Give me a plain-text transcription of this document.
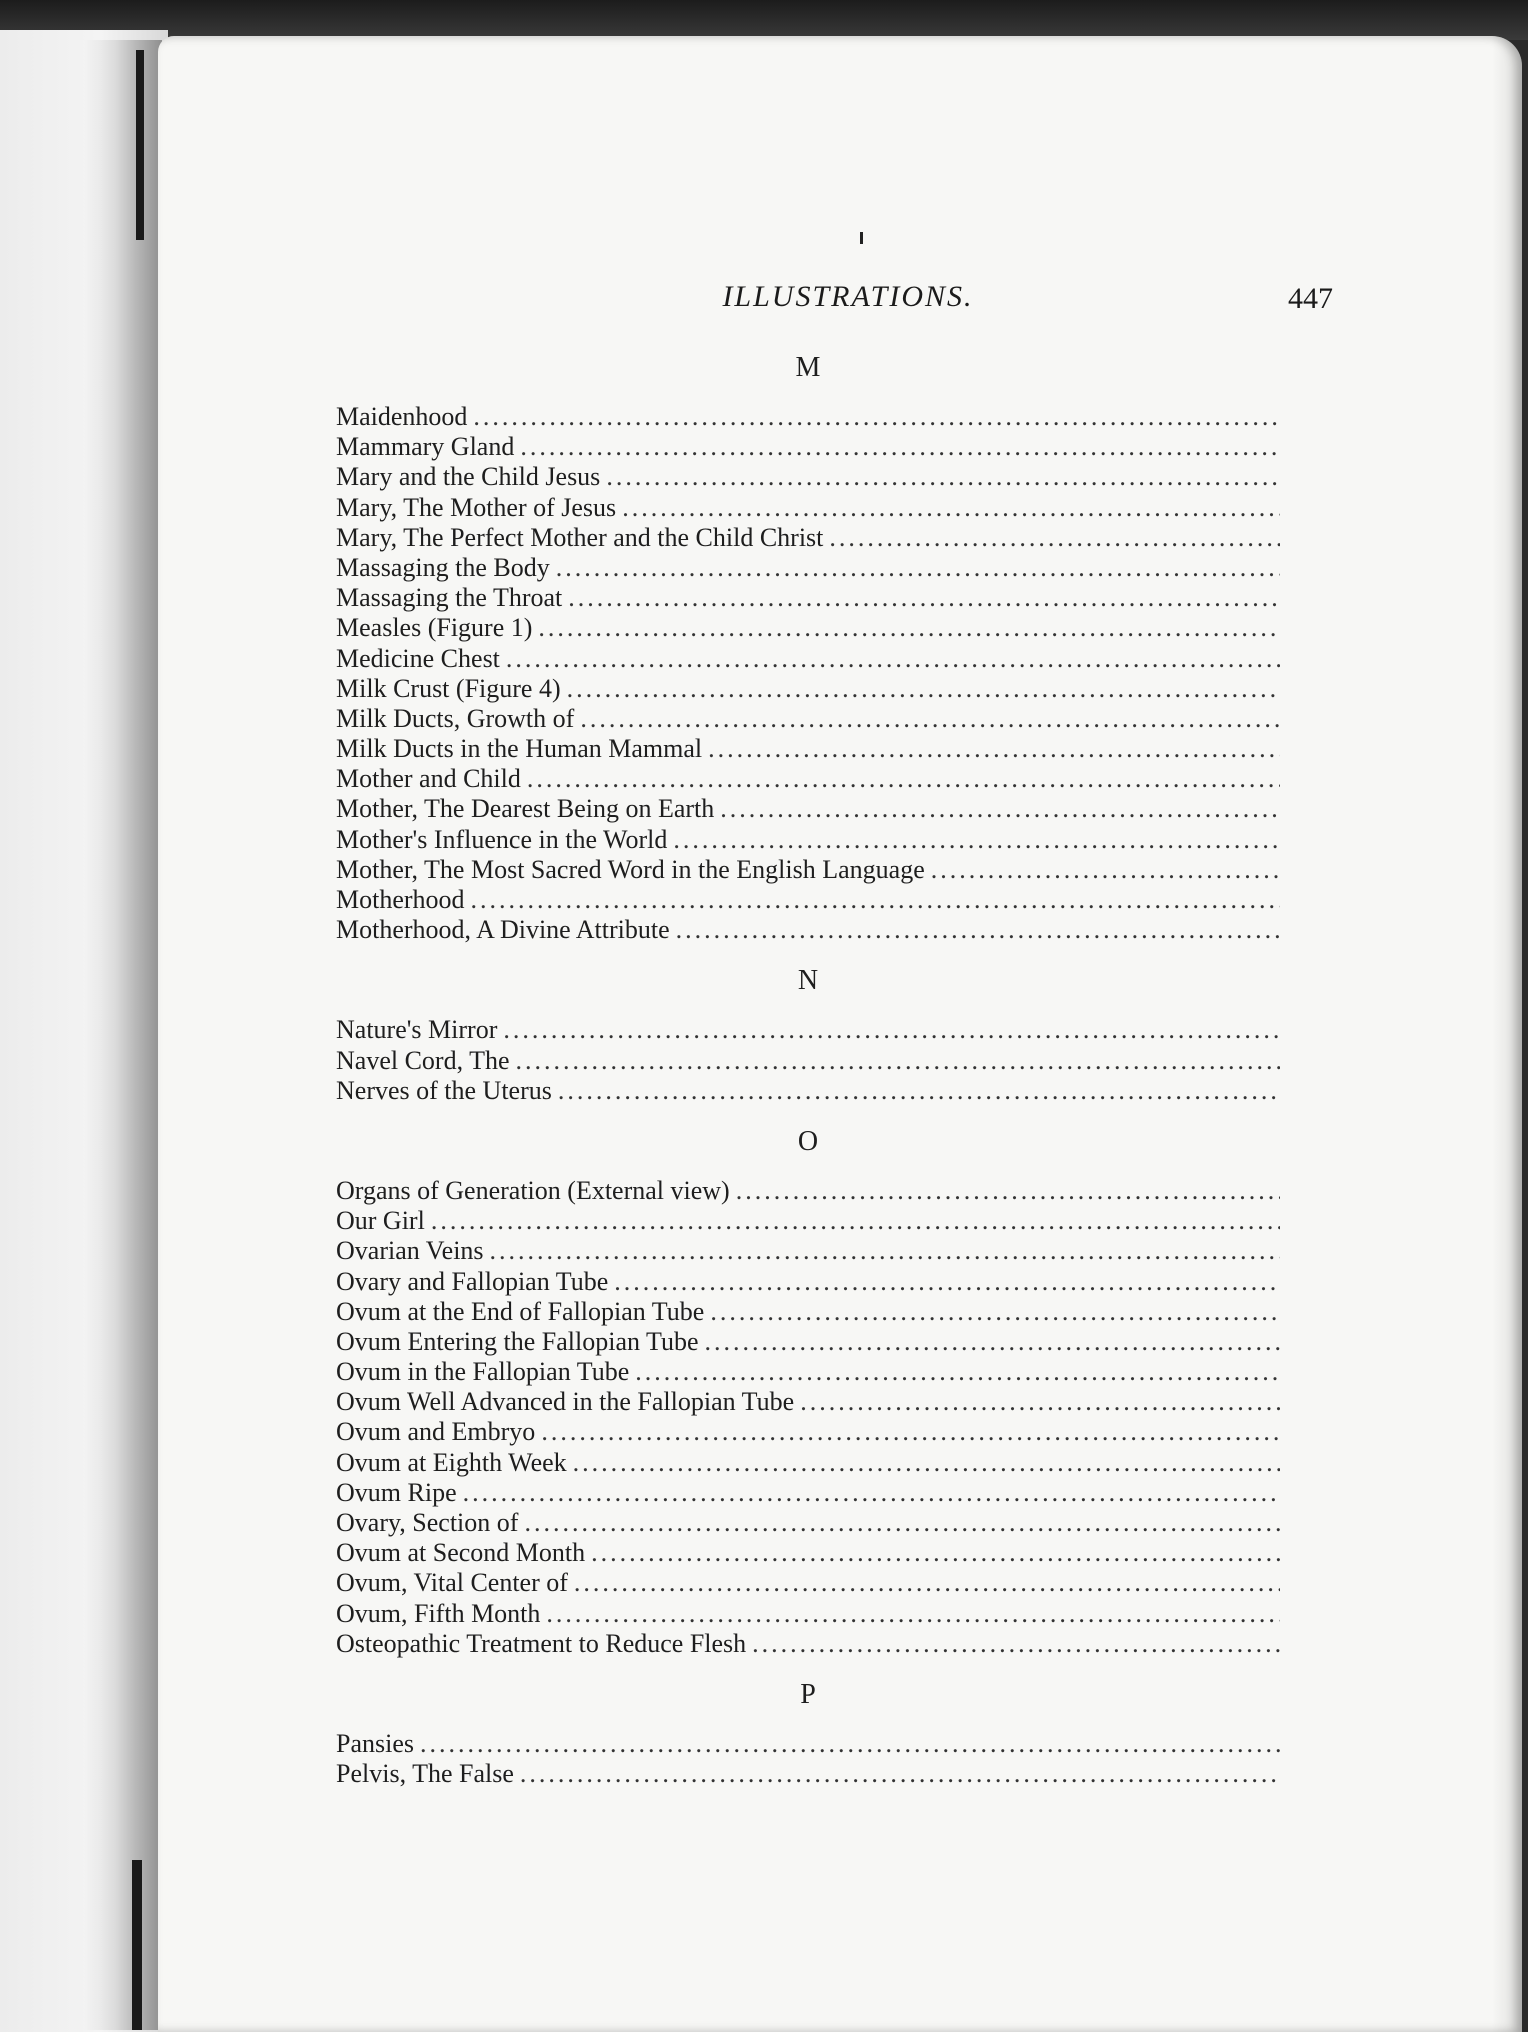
ILLUSTRATIONS.	447
M
Maidenhood
.....
Mammary Gland
.....
Mary and the Child Jesus
.....
Mary, The Mother of Jesus
.....
Mary, The Perfect Mother and the Child Christ
.....
Massaging the Body
.....
Massaging the Throat
.....
Measles (Figure 1)
.....
Medicine Chest
.....
Milk Crust (Figure 4)
.....
Milk Ducts, Growth of
.....
Milk Ducts in the Human Mammal
.....
Mother and Child
.....
Mother, The Dearest Being on Earth
.....
Mother's Influence in the World
.....
Mother, The Most Sacred Word in the English Language
.....
Motherhood
.....
Motherhood, A Divine Attribute
.....
N
Nature's Mirror
.....
Navel Cord, The
.....
Nerves of the Uterus
.....
O
Organs of Generation (External view)
.....
Our Girl
.....
Ovarian Veins
.....
Ovary and Fallopian Tube
.....
Ovum at the End of Fallopian Tube
.....
Ovum Entering the Fallopian Tube
.....
Ovum in the Fallopian Tube
.....
Ovum Well Advanced in the Fallopian Tube
.....
Ovum and Embryo
.....
Ovum at Eighth Week
.....
Ovum Ripe
.....
Ovary, Section of
.....
Ovum at Second Month
.....
Ovum, Vital Center of
.....
Ovum, Fifth Month
.....
Osteopathic Treatment to Reduce Flesh
.....
P
Pansies
.....
Pelvis, The False
.....
